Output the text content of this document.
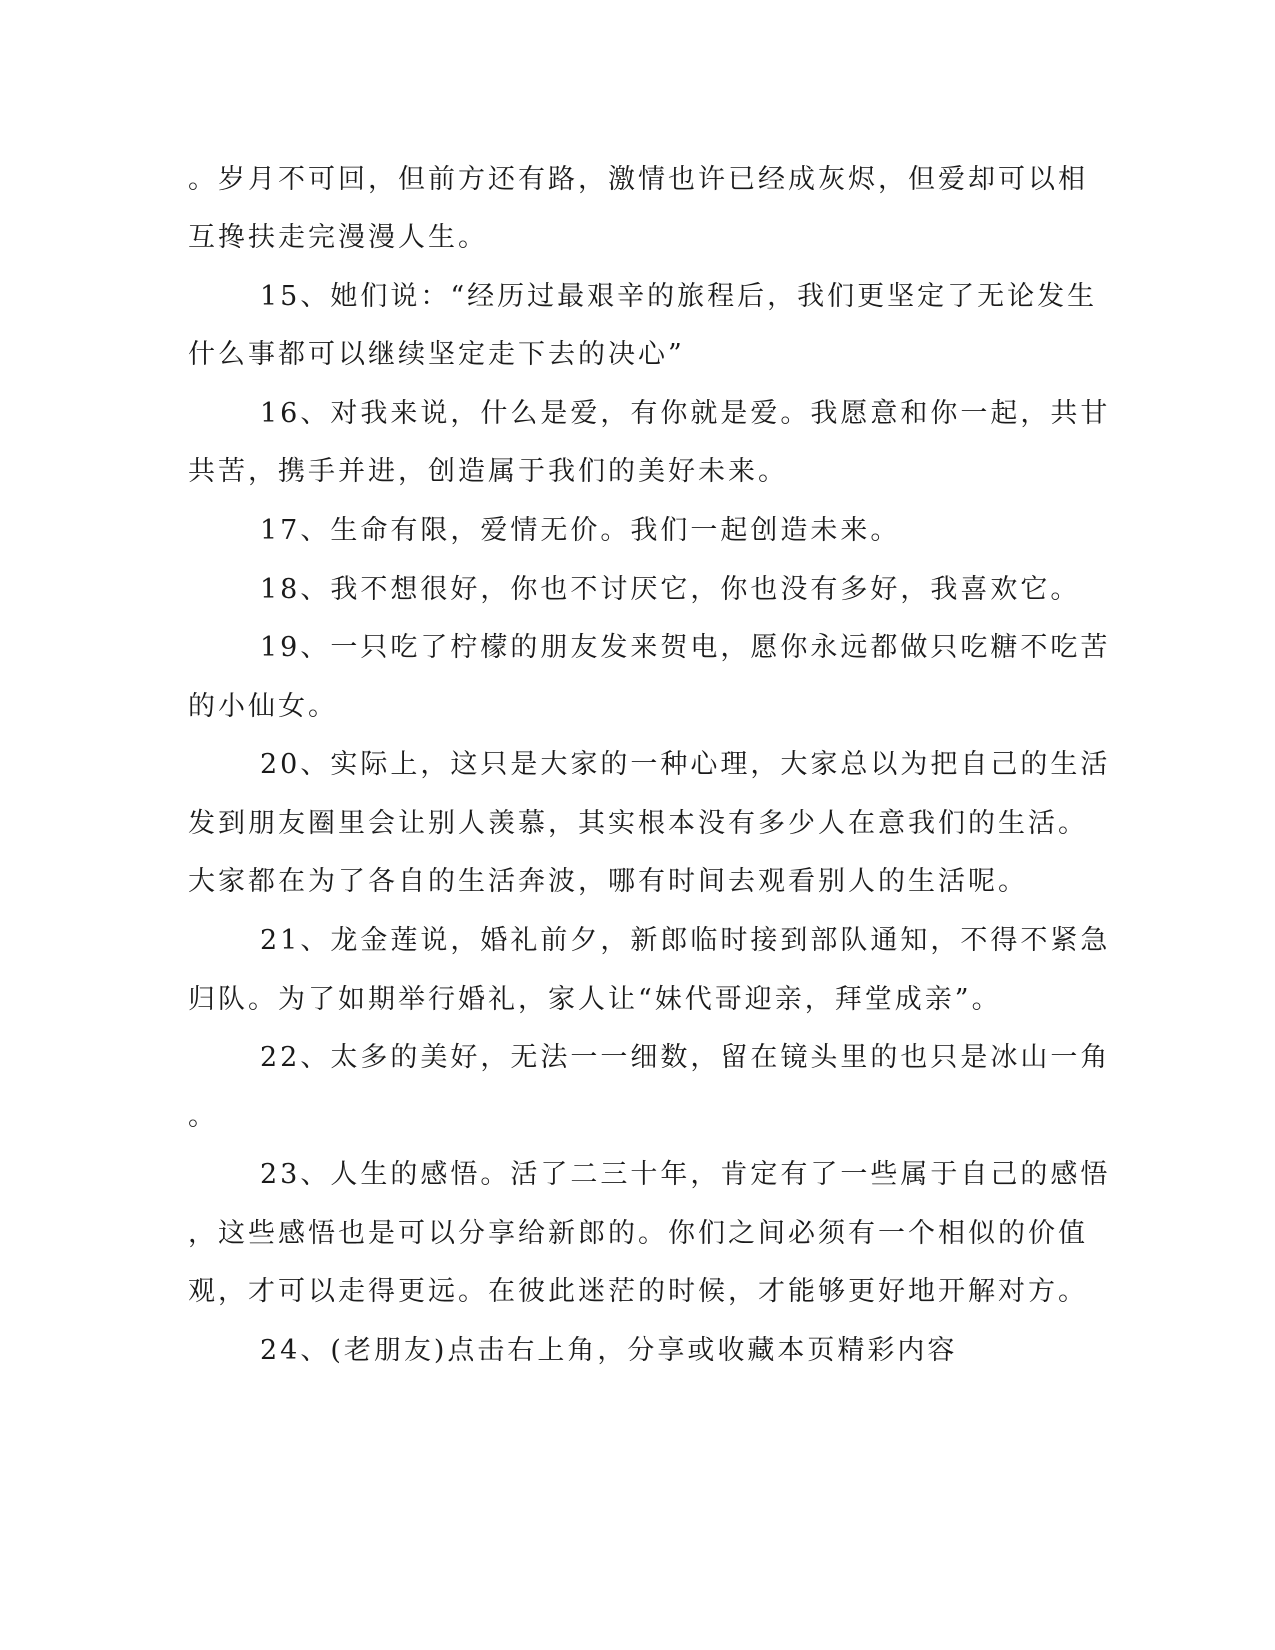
。岁月不可回，但前方还有路，激情也许已经成灰烬，但爱却可以相
互搀扶走完漫漫人生。
15、她们说：“经历过最艰辛的旅程后，我们更坚定了无论发生
什么事都可以继续坚定走下去的决心”
16、对我来说，什么是爱，有你就是爱。我愿意和你一起，共甘
共苦，携手并进，创造属于我们的美好未来。
17、生命有限，爱情无价。我们一起创造未来。
18、我不想很好，你也不讨厌它，你也没有多好，我喜欢它。
19、一只吃了柠檬的朋友发来贺电，愿你永远都做只吃糖不吃苦
的小仙女。
20、实际上，这只是大家的一种心理，大家总以为把自己的生活
发到朋友圈里会让别人羡慕，其实根本没有多少人在意我们的生活。
大家都在为了各自的生活奔波，哪有时间去观看别人的生活呢。
21、龙金莲说，婚礼前夕，新郎临时接到部队通知，不得不紧急
归队。为了如期举行婚礼，家人让“妹代哥迎亲，拜堂成亲”。
22、太多的美好，无法一一细数，留在镜头里的也只是冰山一角
。
23、人生的感悟。活了二三十年，肯定有了一些属于自己的感悟
，这些感悟也是可以分享给新郎的。你们之间必须有一个相似的价值
观，才可以走得更远。在彼此迷茫的时候，才能够更好地开解对方。
24、(老朋友)点击右上角，分享或收藏本页精彩内容
